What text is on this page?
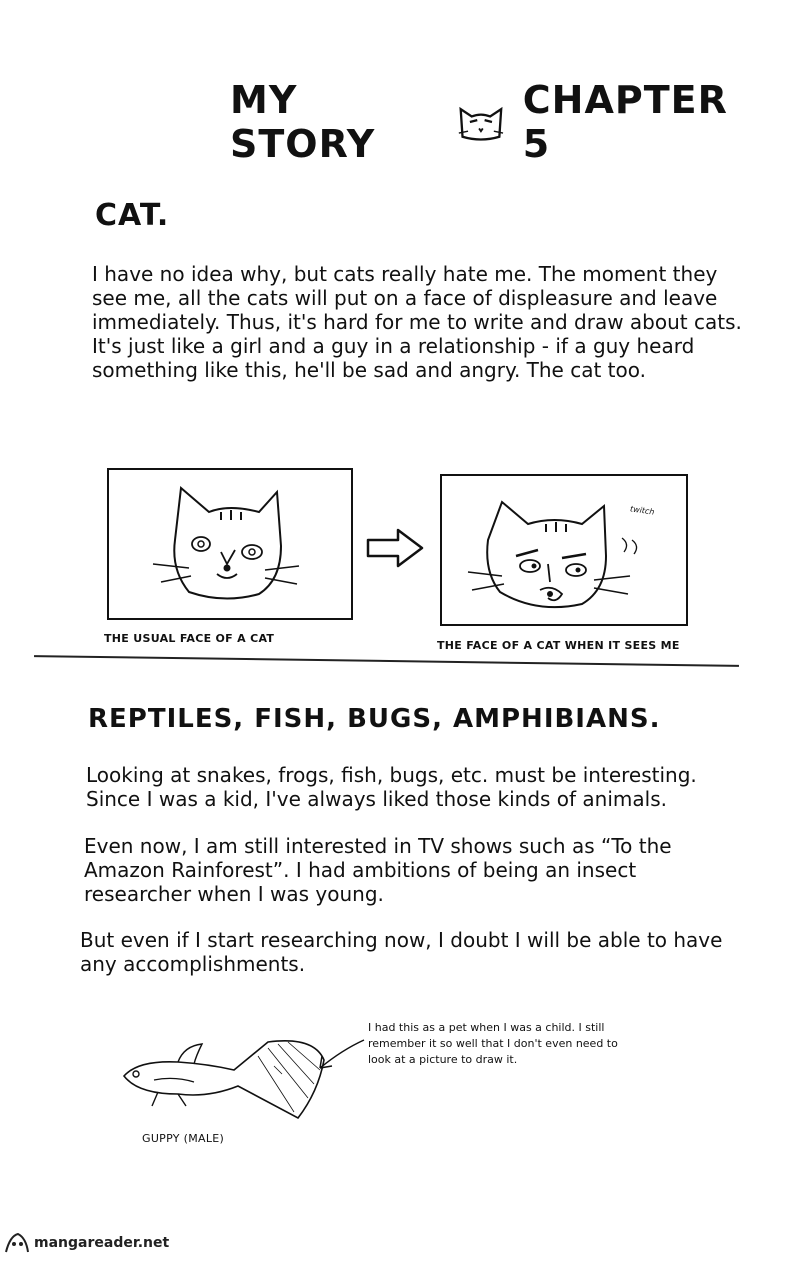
MY STORY
CHAPTER 5
CAT.
I have no idea why, but cats really hate me. The moment they see me, all the cats will put on a face of displeasure and leave immediately. Thus, it's hard for me to write and draw about cats. It's just like a girl and a guy in a relationship - if a guy heard something like this, he'll be sad and angry. The cat too.
THE USUAL FACE OF A CAT
twitch
THE FACE OF A CAT WHEN IT SEES ME
REPTILES, FISH, BUGS, AMPHIBIANS.
Looking at snakes, frogs, fish, bugs, etc. must be interesting. Since I was a kid, I've always liked those kinds of animals.
Even now, I am still interested in TV shows such as “To the Amazon Rainforest”. I had ambitions of being an insect researcher when I was young.
But even if I start researching now, I doubt I will be able to have any accomplishments.
I had this as a pet when I was a child. I still remember it so well that I don't even need to look at a picture to draw it.
GUPPY (MALE)
mangareader.net
